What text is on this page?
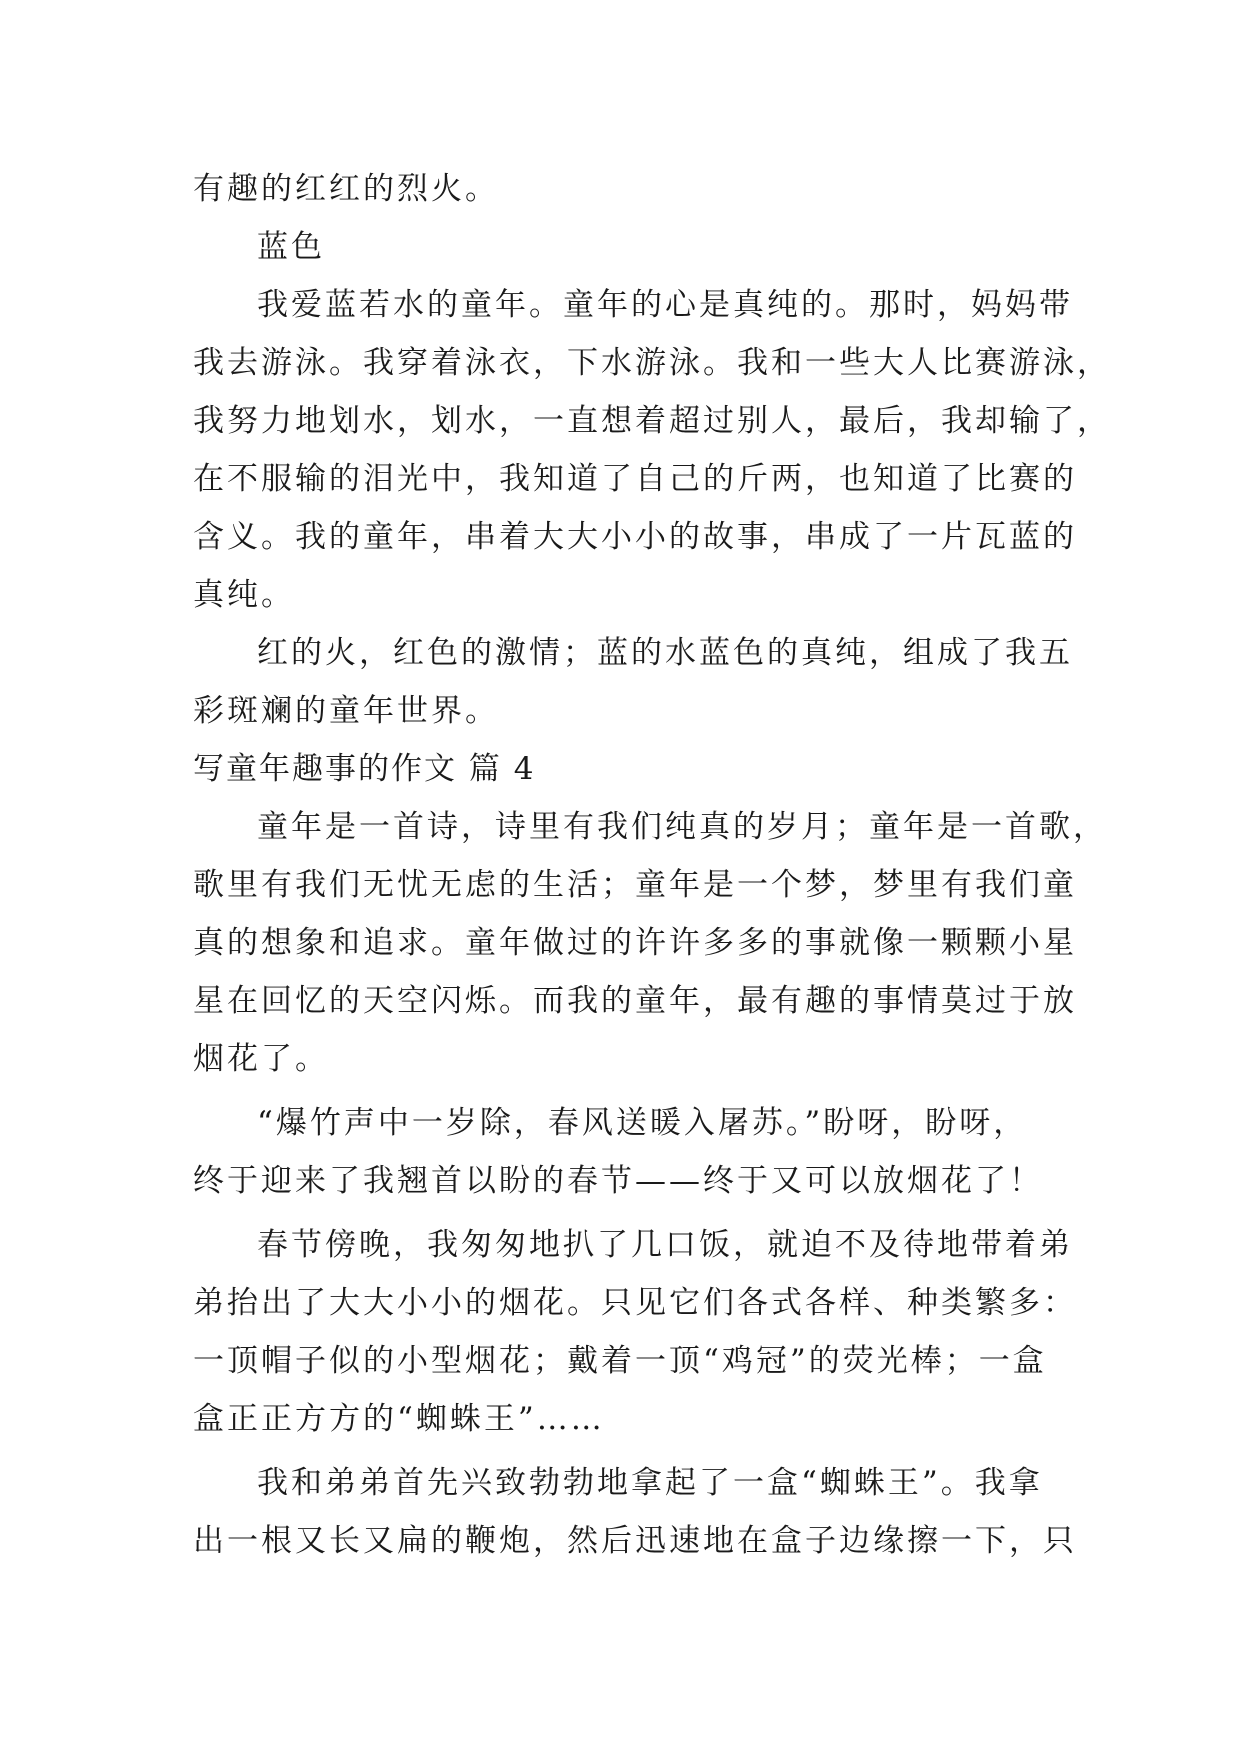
有趣的红红的烈火。
蓝色
我爱蓝若水的童年。童年的心是真纯的。那时，妈妈带
我去游泳。我穿着泳衣，下水游泳。我和一些大人比赛游泳，
我努力地划水，划水，一直想着超过别人，最后，我却输了，
在不服输的泪光中，我知道了自己的斤两，也知道了比赛的
含义。我的童年，串着大大小小的故事，串成了一片瓦蓝的
真纯。
红的火，红色的激情；蓝的水蓝色的真纯，组成了我五
彩斑斓的童年世界。
写童年趣事的作文 篇 4
童年是一首诗，诗里有我们纯真的岁月；童年是一首歌，
歌里有我们无忧无虑的生活；童年是一个梦，梦里有我们童
真的想象和追求。童年做过的许许多多的事就像一颗颗小星
星在回忆的天空闪烁。而我的童年，最有趣的事情莫过于放
烟花了。
“爆竹声中一岁除，春风送暖入屠苏。”盼呀，盼呀，
终于迎来了我翘首以盼的春节——终于又可以放烟花了！
春节傍晚，我匆匆地扒了几口饭，就迫不及待地带着弟
弟抬出了大大小小的烟花。只见它们各式各样、种类繁多：
一顶帽子似的小型烟花；戴着一顶“鸡冠”的荧光棒；一盒
盒正正方方的“蜘蛛王”……
我和弟弟首先兴致勃勃地拿起了一盒“蜘蛛王”。我拿
出一根又长又扁的鞭炮，然后迅速地在盒子边缘擦一下，只
